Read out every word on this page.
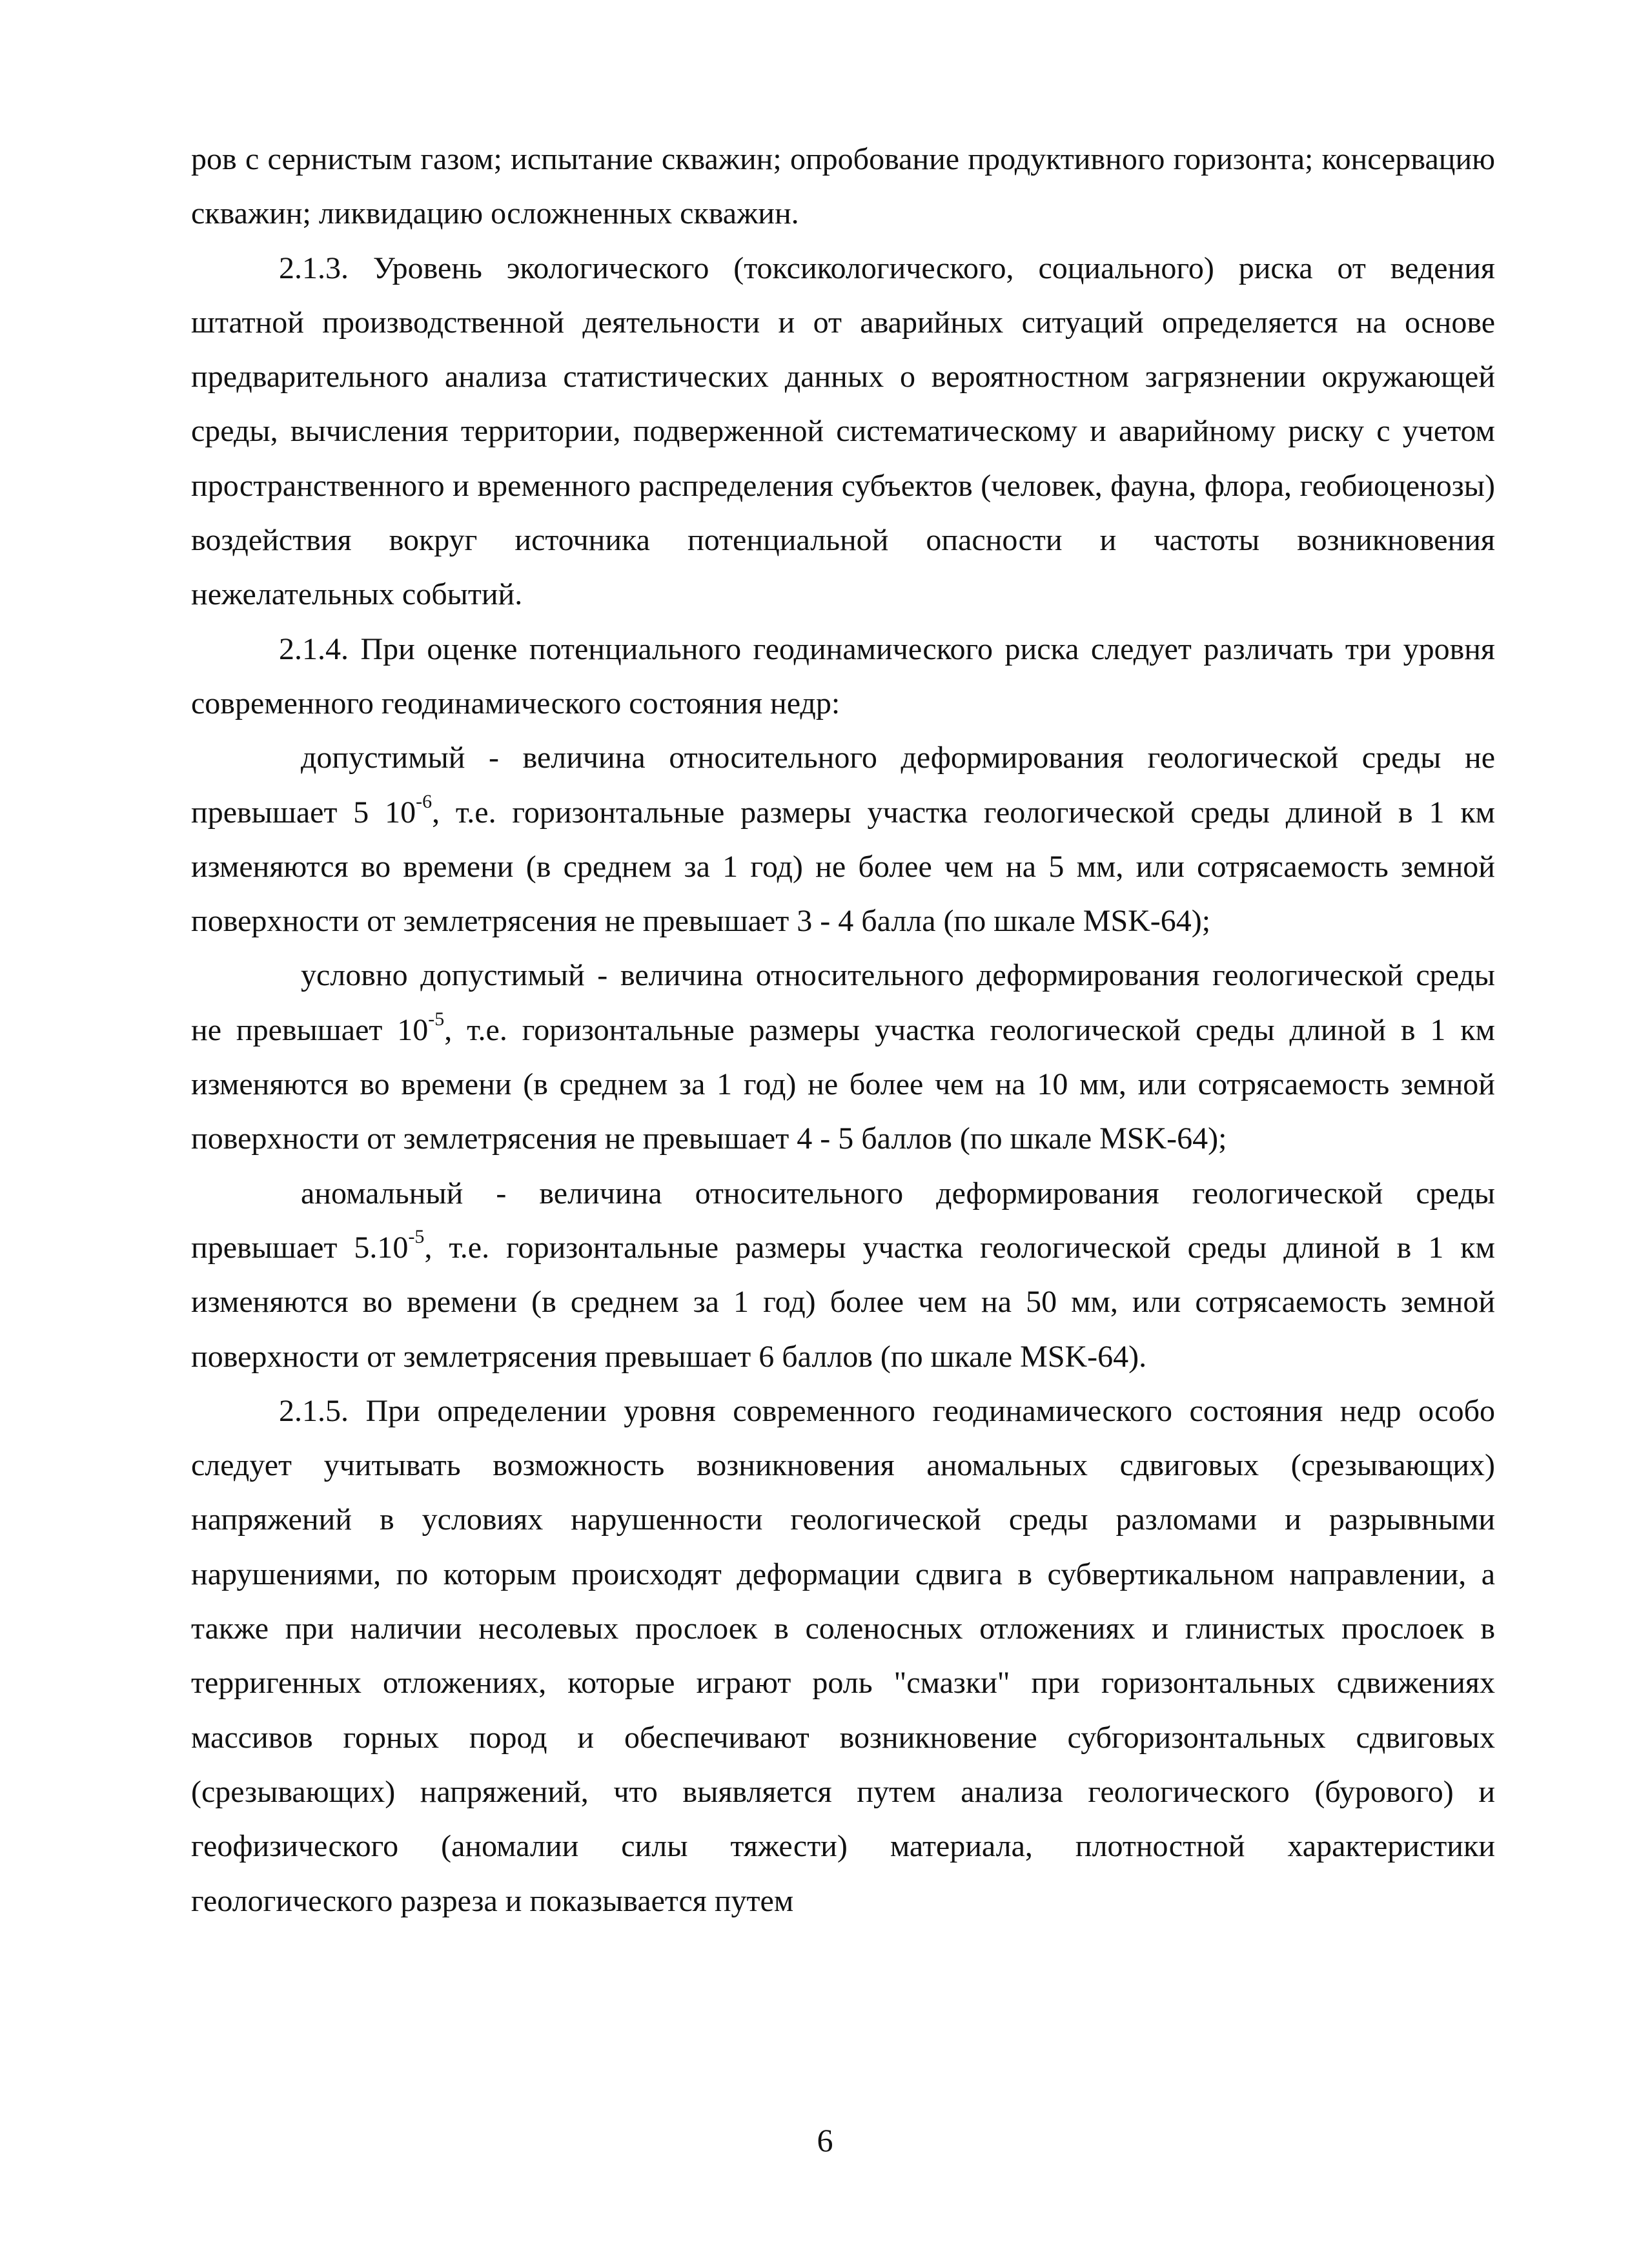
ров с сернистым газом; испытание скважин; опробование продуктивного горизонта; консервацию скважин; ликвидацию осложненных скважин.

2.1.3. Уровень экологического (токсикологического, социального) риска от ведения штатной производственной деятельности и от аварийных ситуаций определяется на основе предварительного анализа статистических данных о вероятностном загрязнении окружающей среды, вычисления территории, подверженной систематическому и аварийному риску с учетом пространственного и временного распределения субъектов (человек, фауна, флора, геобиоценозы) воздействия вокруг источника потенциальной опасности и частоты возникновения нежелательных событий.

2.1.4. При оценке потенциального геодинамического риска следует различать три уровня современного геодинамического состояния недр:

допустимый - величина относительного деформирования геологической среды не превышает 5 $10^{-6}$, т.е. горизонтальные размеры участка геологической среды длиной в 1 км изменяются во времени (в среднем за 1 год) не более чем на 5 мм, или сотрясаемость земной поверхности от землетрясения не превышает 3 - 4 балла (по шкале MSK-64);

условно допустимый - величина относительного деформирования геологической среды не превышает $10^{-5}$, т.е. горизонтальные размеры участка геологической среды длиной в 1 км изменяются во времени (в среднем за 1 год) не более чем на 10 мм, или сотрясаемость земной поверхности от землетрясения не превышает 4 - 5 баллов (по шкале MSK-64);

аномальный - величина относительного деформирования геологической среды превышает $5.10^{-5}$, т.е. горизонтальные размеры участка геологической среды длиной в 1 км изменяются во времени (в среднем за 1 год) более чем на 50 мм, или сотрясаемость земной поверхности от землетрясения превышает 6 баллов (по шкале MSK-64).

2.1.5. При определении уровня современного геодинамического состояния недр особо следует учитывать возможность возникновения аномальных сдвиговых (срезывающих) напряжений в условиях нарушенности геологической среды разломами и разрывными нарушениями, по которым происходят деформации сдвига в субвертикальном направлении, а также при наличии несолевых прослоек в соленосных отложениях и глинистых прослоек в терригенных отложениях, которые играют роль "смазки" при горизонтальных сдвижениях массивов горных пород и обеспечивают возникновение субгоризонтальных сдвиговых (срезывающих) напряжений, что выявляется путем анализа геологического (бурового) и геофизического (аномалии силы тяжести) материала, плотностной характеристики геологического разреза и показывается путем

6
